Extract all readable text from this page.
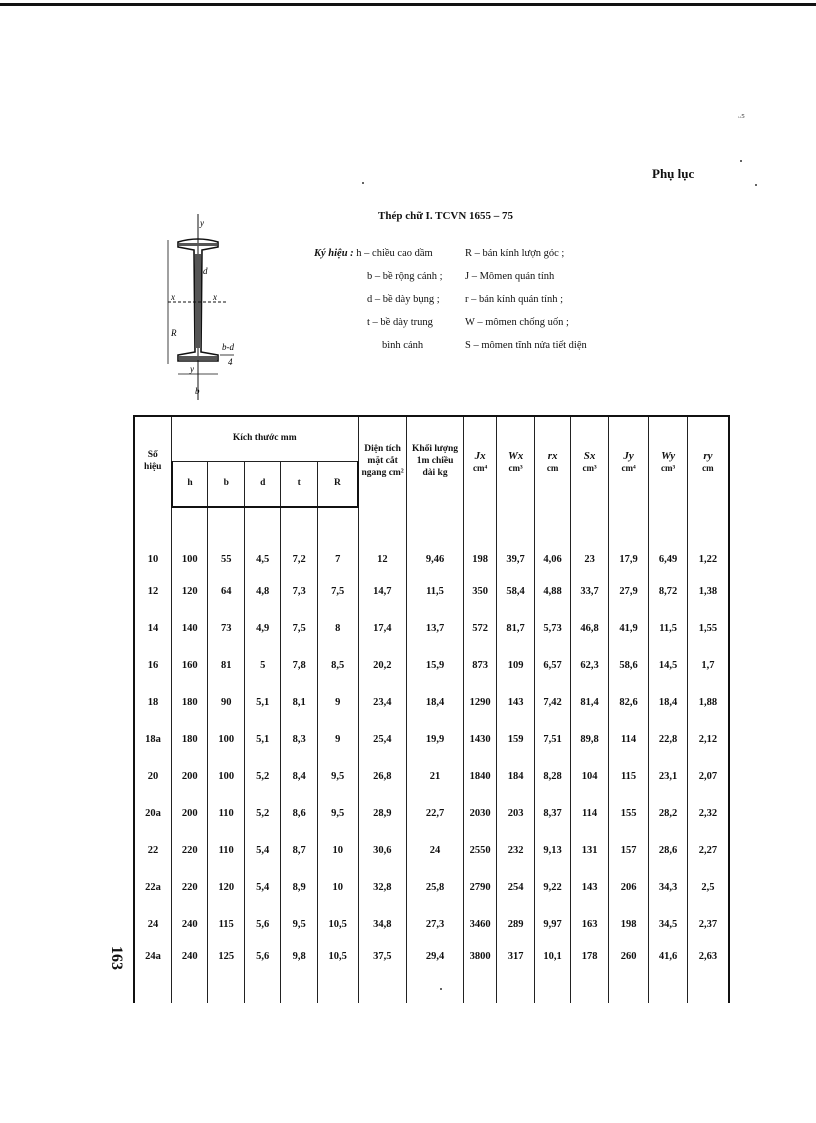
ᵕ⁵
Phụ lục
Thép chữ I. TCVN 1655 – 75
y
x
d
x
R
b-d
4
y
b
Ký hiệu : h – chiều cao dầm
b – bề rộng cánh ;
d – bề dày bụng ;
t – bề dày trung
bình cánh
R – bán kính lượn góc ;
J – Mômen quán tính
r – bán kính quán tính ;
W – mômen chống uốn ;
S – mômen tĩnh nửa tiết diện
Số
hiệu	Kích thước mm					Diện tích
mặt cắt
ngang cm²	Khối lượng
1m chiều
dài kg	Jx
cm⁴	Wx
cm³	rx
cm	Sx
cm³	Jy
cm⁴	Wy
cm³	ry
cm

	h	b	d	t	R									
10	100	55	4,5	7,2	7	12	9,46	198	39,7	4,06	23	17,9	6,49	1,22
12	120	64	4,8	7,3	7,5	14,7	11,5	350	58,4	4,88	33,7	27,9	8,72	1,38
14	140	73	4,9	7,5	8	17,4	13,7	572	81,7	5,73	46,8	41,9	11,5	1,55
16	160	81	5	7,8	8,5	20,2	15,9	873	109	6,57	62,3	58,6	14,5	1,7
18	180	90	5,1	8,1	9	23,4	18,4	1290	143	7,42	81,4	82,6	18,4	1,88
18a	180	100	5,1	8,3	9	25,4	19,9	1430	159	7,51	89,8	114	22,8	2,12
20	200	100	5,2	8,4	9,5	26,8	21	1840	184	8,28	104	115	23,1	2,07
20a	200	110	5,2	8,6	9,5	28,9	22,7	2030	203	8,37	114	155	28,2	2,32
22	220	110	5,4	8,7	10	30,6	24	2550	232	9,13	131	157	28,6	2,27
22a	220	120	5,4	8,9	10	32,8	25,8	2790	254	9,22	143	206	34,3	2,5
24	240	115	5,6	9,5	10,5	34,8	27,3	3460	289	9,97	163	198	34,5	2,37
24a	240	125	5,6	9,8	10,5	37,5	29,4	3800	317	10,1	178	260	41,6	2,63
163
